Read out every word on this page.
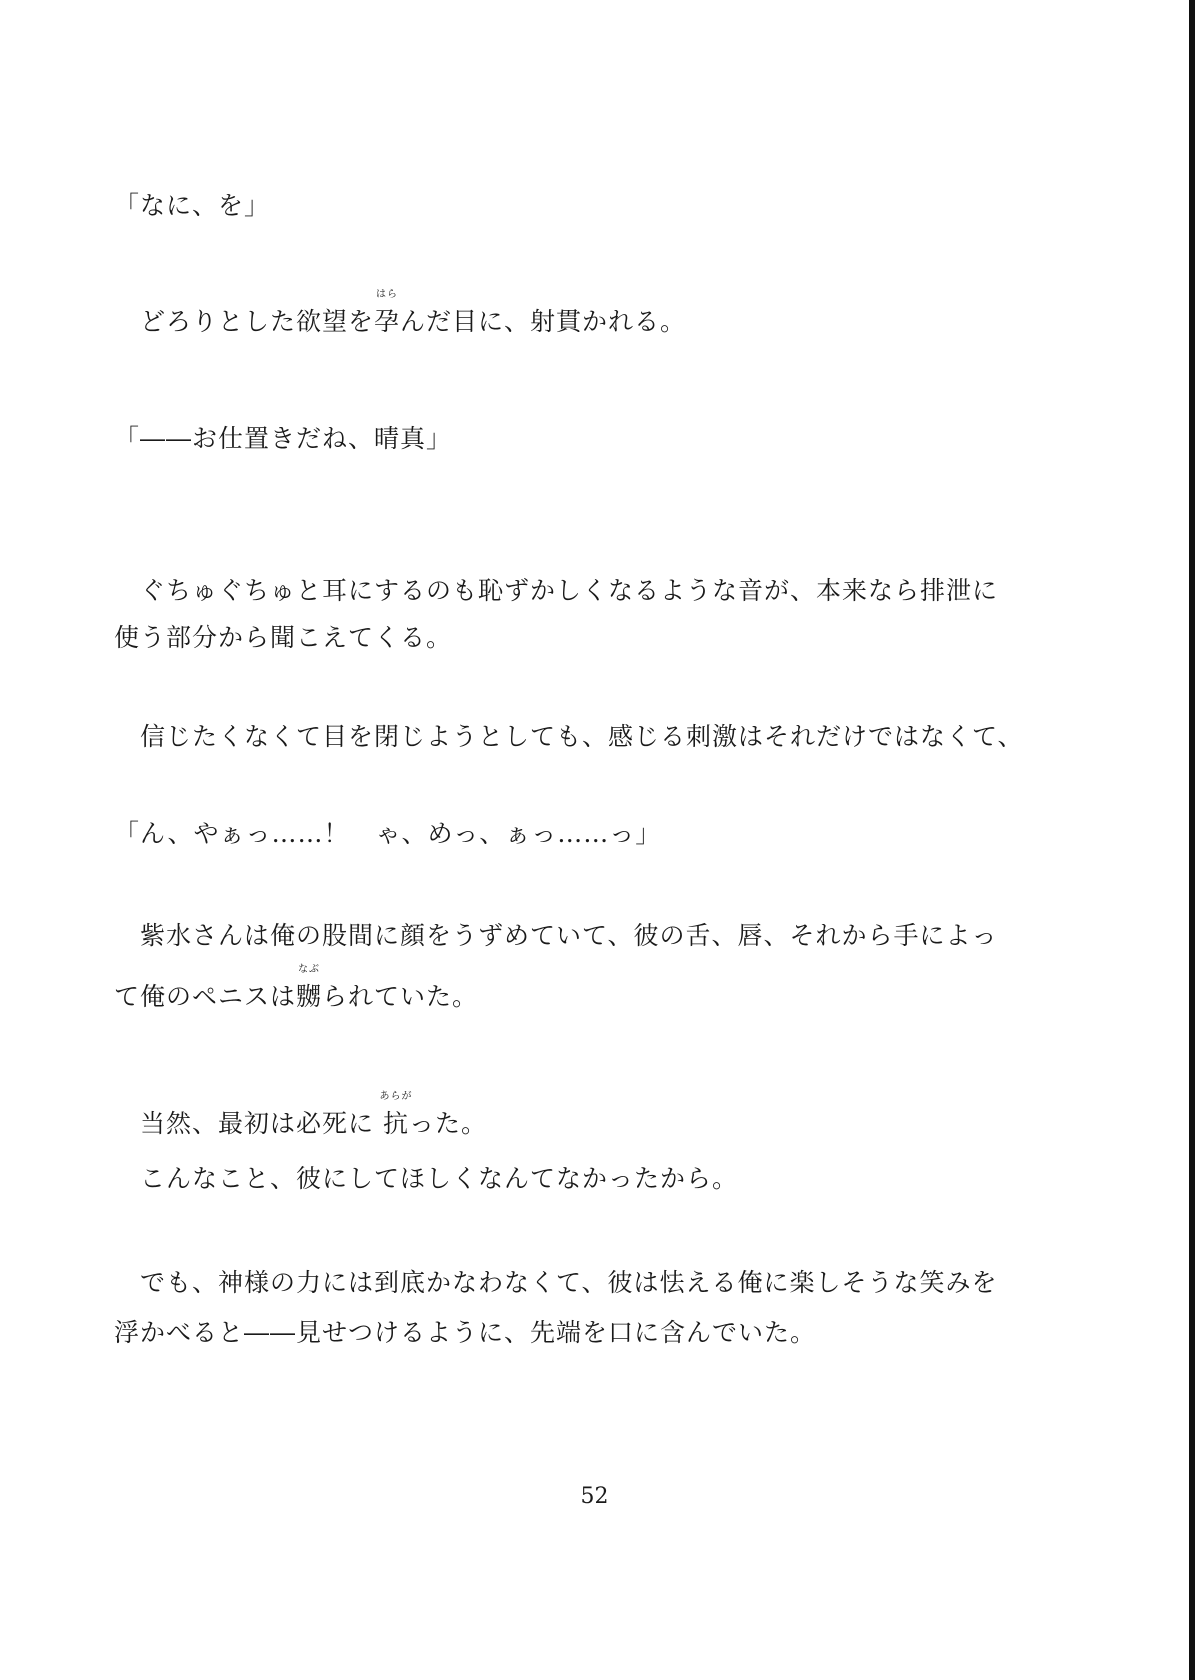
「なに、を」
　どろりとした欲望を
はら
孕んだ目に、射貫かれる。
「――お仕置きだね、晴真」
　ぐちゅぐちゅと耳にするのも恥ずかしくなるような音が、本来なら排泄に
使う部分から聞こえてくる。
　信じたくなくて目を閉じようとしても、感じる刺激はそれだけではなくて、
「ん、やぁっ……！　ゃ、めっ、ぁっ……っ」
　紫水さんは俺の股間に顔をうずめていて、彼の舌、唇、それから手によっ
て俺のペニスは
なぶ
嬲られていた。
　当然、最初は必死に
あらが
抗った。
　こんなこと、彼にしてほしくなんてなかったから。
　でも、神様の力には到底かなわなくて、彼は怯える俺に楽しそうな笑みを
浮かべると――見せつけるように、先端を口に含んでいた。
52
